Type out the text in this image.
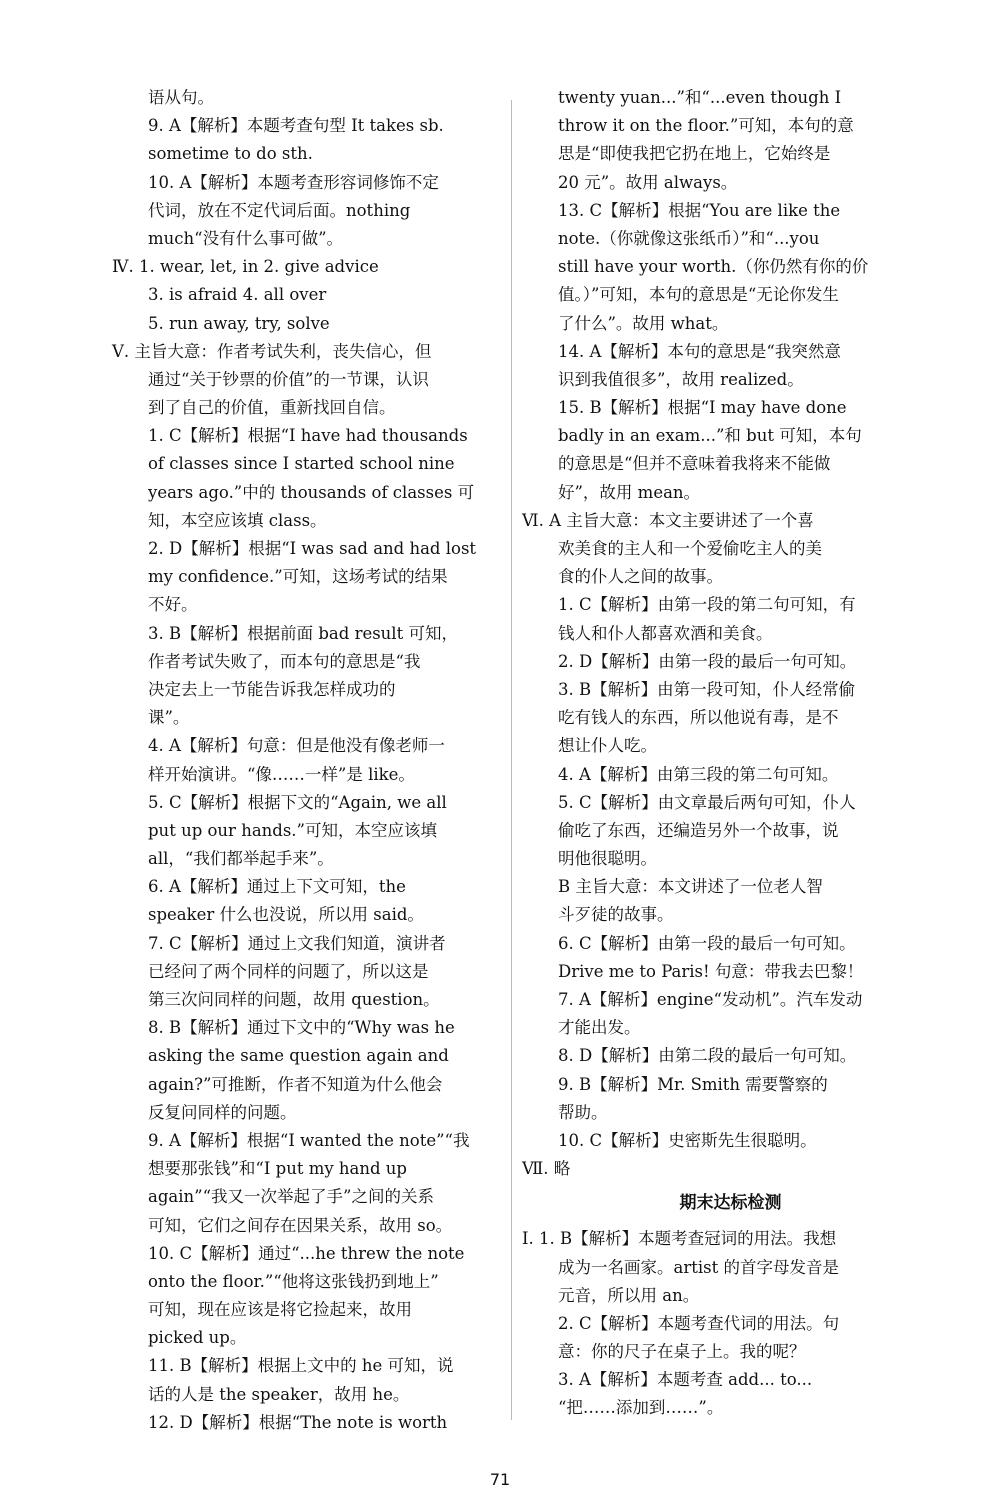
语从句。
9. A【解析】本题考查句型 It takes sb.
sometime to do sth.
10. A【解析】本题考查形容词修饰不定
代词，放在不定代词后面。nothing
much“没有什么事可做”。
Ⅳ. 1. wear, let, in 2. give advice
3. is afraid 4. all over
5. run away, try, solve
Ⅴ. 主旨大意：作者考试失利，丧失信心，但
通过“关于钞票的价值”的一节课，认识
到了自己的价值，重新找回自信。
1. C【解析】根据“I have had thousands
of classes since I started school nine
years ago.”中的 thousands of classes 可
知，本空应该填 class。
2. D【解析】根据“I was sad and had lost
my confidence.”可知，这场考试的结果
不好。
3. B【解析】根据前面 bad result 可知，
作者考试失败了，而本句的意思是“我
决定去上一节能告诉我怎样成功的
课”。
4. A【解析】句意：但是他没有像老师一
样开始演讲。“像……一样”是 like。
5. C【解析】根据下文的“Again, we all
put up our hands.”可知，本空应该填
all，“我们都举起手来”。
6. A【解析】通过上下文可知，the
speaker 什么也没说，所以用 said。
7. C【解析】通过上文我们知道，演讲者
已经问了两个同样的问题了，所以这是
第三次问同样的问题，故用 question。
8. B【解析】通过下文中的“Why was he
asking the same question again and
again?”可推断，作者不知道为什么他会
反复问同样的问题。
9. A【解析】根据“I wanted the note”“我
想要那张钱”和“I put my hand up
again”“我又一次举起了手”之间的关系
可知，它们之间存在因果关系，故用 so。
10. C【解析】通过“...he threw the note
onto the floor.”“他将这张钱扔到地上”
可知，现在应该是将它捡起来，故用
picked up。
11. B【解析】根据上文中的 he 可知，说
话的人是 the speaker，故用 he。
12. D【解析】根据“The note is worth
twenty yuan...”和“...even though I
throw it on the floor.”可知，本句的意
思是“即使我把它扔在地上，它始终是
20 元”。故用 always。
13. C【解析】根据“You are like the
note.（你就像这张纸币）”和“...you
still have your worth.（你仍然有你的价
值。）”可知，本句的意思是“无论你发生
了什么”。故用 what。
14. A【解析】本句的意思是“我突然意
识到我值很多”，故用 realized。
15. B【解析】根据“I may have done
badly in an exam...”和 but 可知，本句
的意思是“但并不意味着我将来不能做
好”，故用 mean。
Ⅵ. A 主旨大意：本文主要讲述了一个喜
欢美食的主人和一个爱偷吃主人的美
食的仆人之间的故事。
1. C【解析】由第一段的第二句可知，有
钱人和仆人都喜欢酒和美食。
2. D【解析】由第一段的最后一句可知。
3. B【解析】由第一段可知，仆人经常偷
吃有钱人的东西，所以他说有毒，是不
想让仆人吃。
4. A【解析】由第三段的第二句可知。
5. C【解析】由文章最后两句可知，仆人
偷吃了东西，还编造另外一个故事，说
明他很聪明。
B 主旨大意：本文讲述了一位老人智
斗歹徒的故事。
6. C【解析】由第一段的最后一句可知。
Drive me to Paris! 句意：带我去巴黎！
7. A【解析】engine“发动机”。汽车发动
才能出发。
8. D【解析】由第二段的最后一句可知。
9. B【解析】Mr. Smith 需要警察的
帮助。
10. C【解析】史密斯先生很聪明。
Ⅶ. 略
期末达标检测
Ⅰ. 1. B【解析】本题考查冠词的用法。我想
成为一名画家。artist 的首字母发音是
元音，所以用 an。
2. C【解析】本题考查代词的用法。句
意：你的尺子在桌子上。我的呢？
3. A【解析】本题考查 add... to...
“把……添加到……”。
71
